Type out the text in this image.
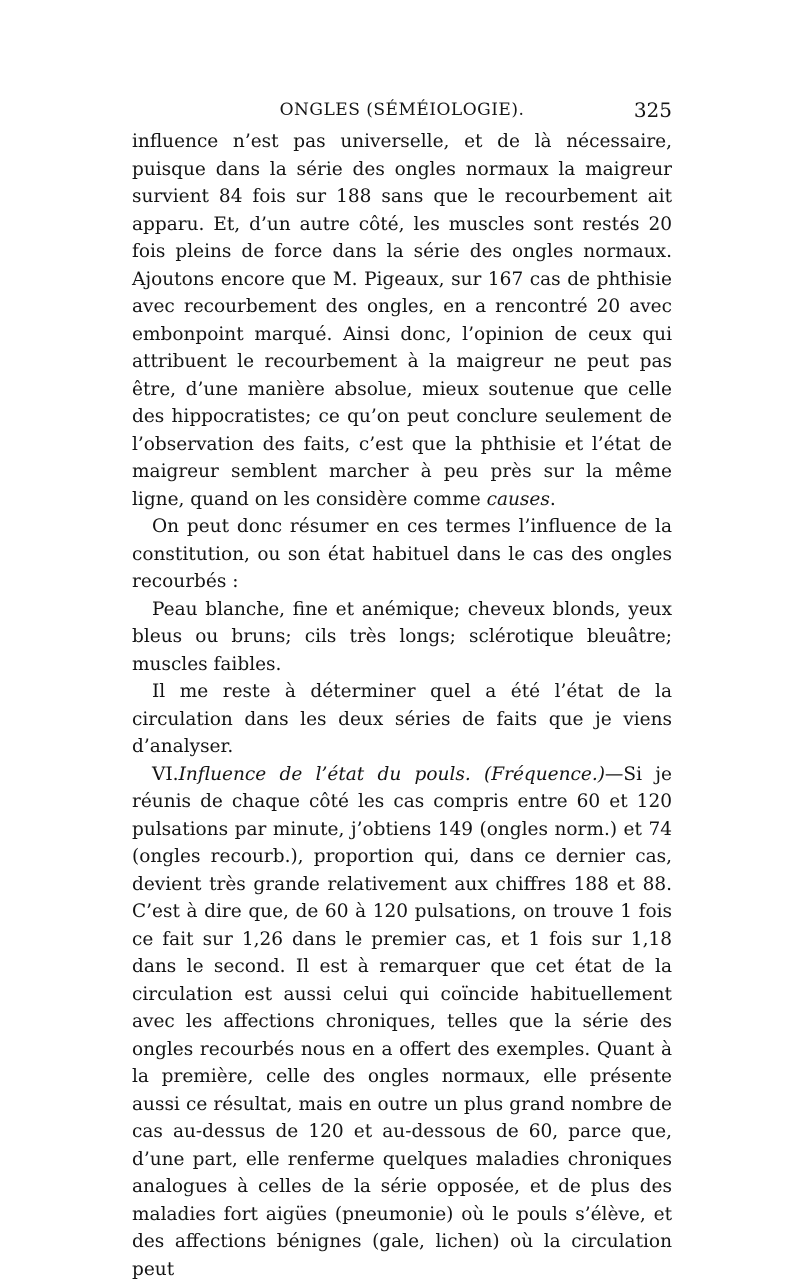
ONGLES (SÉMÉIOLOGIE).	325

influence n’est pas universelle, et de là nécessaire, puisque dans la série des ongles normaux la maigreur survient 84 fois sur 188 sans que le recourbement ait apparu. Et, d’un autre côté, les muscles sont restés 20 fois pleins de force dans la série des ongles normaux. Ajoutons encore que M. Pigeaux, sur 167 cas de phthisie avec recourbement des ongles, en a rencontré 20 avec embonpoint marqué. Ainsi donc, l’opinion de ceux qui attribuent le recourbement à la maigreur ne peut pas être, d’une manière absolue, mieux soutenue que celle des hippocratistes; ce qu’on peut conclure seulement de l’observation des faits, c’est que la phthisie et l’état de maigreur semblent marcher à peu près sur la même ligne, quand on les considère comme causes.

On peut donc résumer en ces termes l’influence de la constitution, ou son état habituel dans le cas des ongles recourbés :

Peau blanche, fine et anémique; cheveux blonds, yeux bleus ou bruns; cils très longs; sclérotique bleuâtre; muscles faibles.

Il me reste à déterminer quel a été l’état de la circulation dans les deux séries de faits que je viens d’analyser.

VI.Influence de l’état du pouls. (Fréquence.)—Si je réunis de chaque côté les cas compris entre 60 et 120 pulsations par minute, j’obtiens 149 (ongles norm.) et 74 (ongles recourb.), proportion qui, dans ce dernier cas, devient très grande relativement aux chiffres 188 et 88. C’est à dire que, de 60 à 120 pulsations, on trouve 1 fois ce fait sur 1,26 dans le premier cas, et 1 fois sur 1,18 dans le second. Il est à remarquer que cet état de la circulation est aussi celui qui coïncide habituellement avec les affections chroniques, telles que la série des ongles recourbés nous en a offert des exemples. Quant à la première, celle des ongles normaux, elle présente aussi ce résultat, mais en outre un plus grand nombre de cas au-dessus de 120 et au-dessous de 60, parce que, d’une part, elle renferme quelques maladies chroniques analogues à celles de la série opposée, et de plus des maladies fort aigües (pneumonie) où le pouls s’élève, et des affections bénignes (gale, lichen) où la circulation peut
